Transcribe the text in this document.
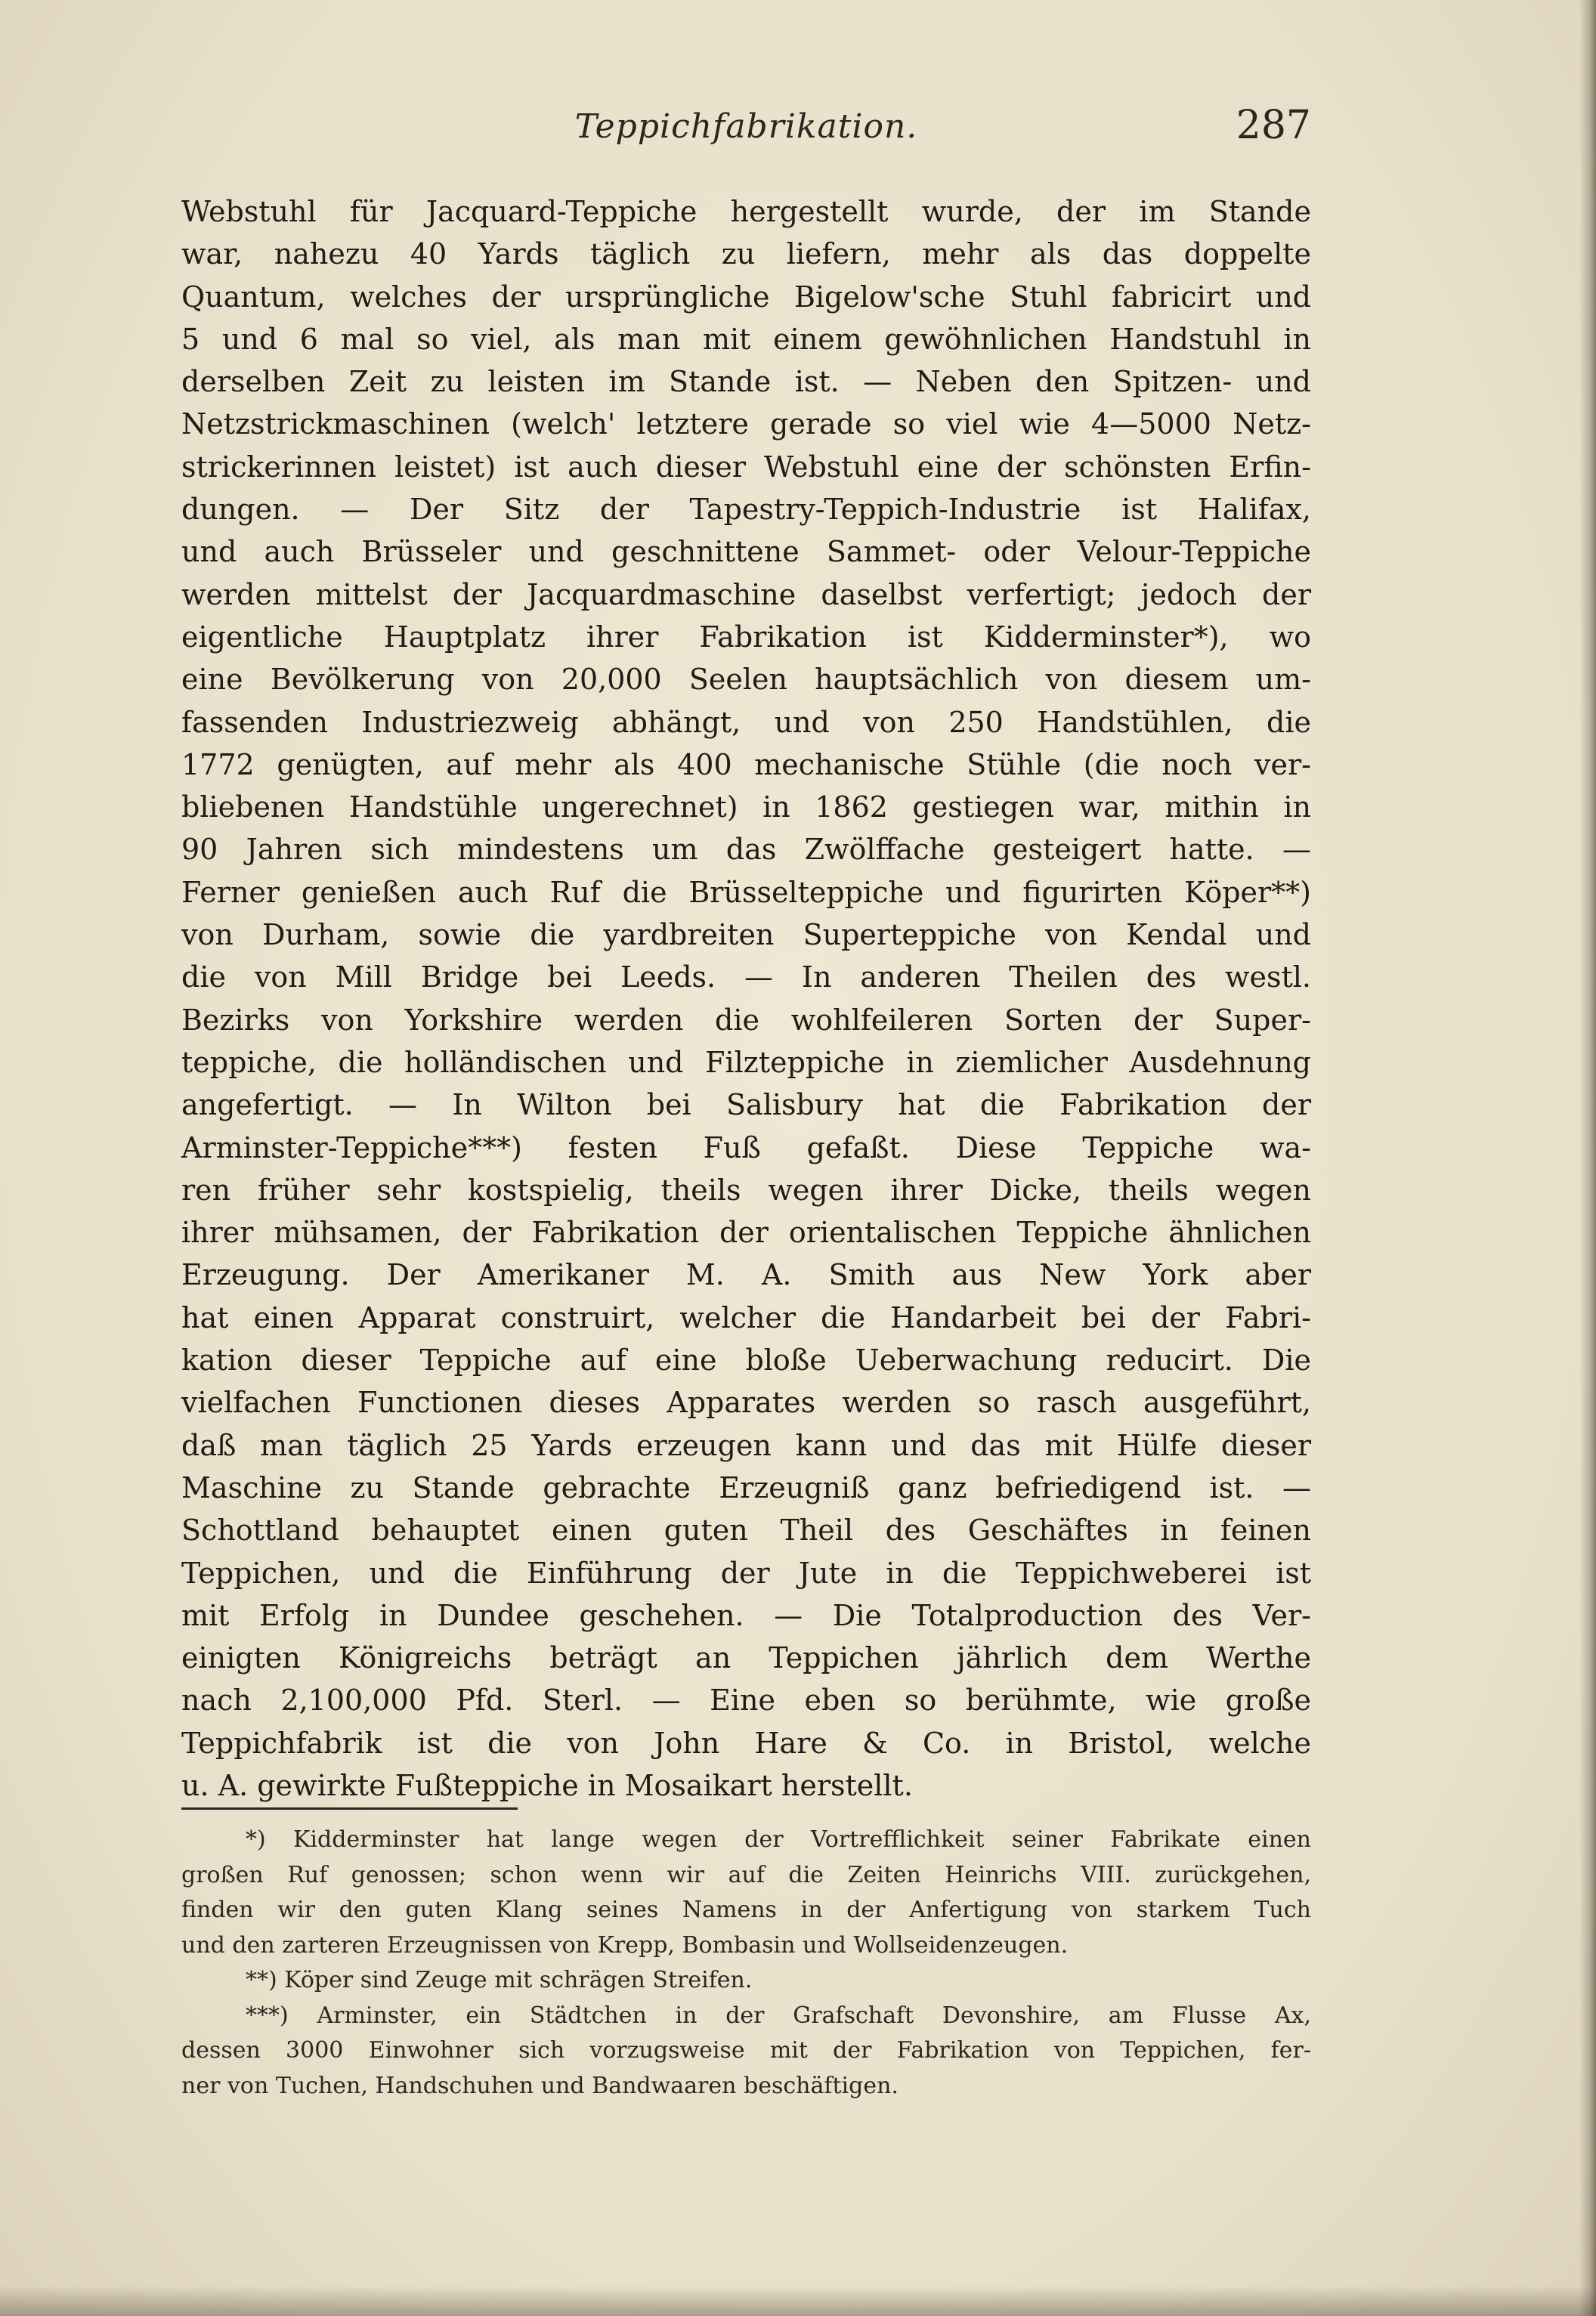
Teppichfabrikation.	287
Webstuhl für Jacquard-Teppiche hergestellt wurde, der im Stande
war, nahezu 40 Yards täglich zu liefern, mehr als das doppelte
Quantum, welches der ursprüngliche Bigelow'sche Stuhl fabricirt und
5 und 6 mal so viel, als man mit einem gewöhnlichen Handstuhl in
derselben Zeit zu leisten im Stande ist. — Neben den Spitzen- und
Netzstrickmaschinen (welch' letztere gerade so viel wie 4—5000 Netz-
strickerinnen leistet) ist auch dieser Webstuhl eine der schönsten Erfin-
dungen. — Der Sitz der Tapestry-Teppich-Industrie ist Halifax,
und auch Brüsseler und geschnittene Sammet- oder Velour-Teppiche
werden mittelst der Jacquardmaschine daselbst verfertigt; jedoch der
eigentliche Hauptplatz ihrer Fabrikation ist Kidderminster*), wo
eine Bevölkerung von 20,000 Seelen hauptsächlich von diesem um-
fassenden Industriezweig abhängt, und von 250 Handstühlen, die
1772 genügten, auf mehr als 400 mechanische Stühle (die noch ver-
bliebenen Handstühle ungerechnet) in 1862 gestiegen war, mithin in
90 Jahren sich mindestens um das Zwölffache gesteigert hatte. —
Ferner genießen auch Ruf die Brüsselteppiche und figurirten Köper**)
von Durham, sowie die yardbreiten Superteppiche von Kendal und
die von Mill Bridge bei Leeds. — In anderen Theilen des westl.
Bezirks von Yorkshire werden die wohlfeileren Sorten der Super-
teppiche, die holländischen und Filzteppiche in ziemlicher Ausdehnung
angefertigt. — In Wilton bei Salisbury hat die Fabrikation der
Arminster-Teppiche***) festen Fuß gefaßt. Diese Teppiche wa-
ren früher sehr kostspielig, theils wegen ihrer Dicke, theils wegen
ihrer mühsamen, der Fabrikation der orientalischen Teppiche ähnlichen
Erzeugung. Der Amerikaner M. A. Smith aus New York aber
hat einen Apparat construirt, welcher die Handarbeit bei der Fabri-
kation dieser Teppiche auf eine bloße Ueberwachung reducirt. Die
vielfachen Functionen dieses Apparates werden so rasch ausgeführt,
daß man täglich 25 Yards erzeugen kann und das mit Hülfe dieser
Maschine zu Stande gebrachte Erzeugniß ganz befriedigend ist. —
Schottland behauptet einen guten Theil des Geschäftes in feinen
Teppichen, und die Einführung der Jute in die Teppichweberei ist
mit Erfolg in Dundee geschehen. — Die Totalproduction des Ver-
einigten Königreichs beträgt an Teppichen jährlich dem Werthe
nach 2,100,000 Pfd. Sterl. — Eine eben so berühmte, wie große
Teppichfabrik ist die von John Hare & Co. in Bristol, welche
u. A. gewirkte Fußteppiche in Mosaikart herstellt.
*) Kidderminster hat lange wegen der Vortrefflichkeit seiner Fabrikate einen
großen Ruf genossen; schon wenn wir auf die Zeiten Heinrichs VIII. zurückgehen,
finden wir den guten Klang seines Namens in der Anfertigung von starkem Tuch
und den zarteren Erzeugnissen von Krepp, Bombasin und Wollseidenzeugen.
**) Köper sind Zeuge mit schrägen Streifen.
***) Arminster, ein Städtchen in der Grafschaft Devonshire, am Flusse Ax,
dessen 3000 Einwohner sich vorzugsweise mit der Fabrikation von Teppichen, fer-
ner von Tuchen, Handschuhen und Bandwaaren beschäftigen.
